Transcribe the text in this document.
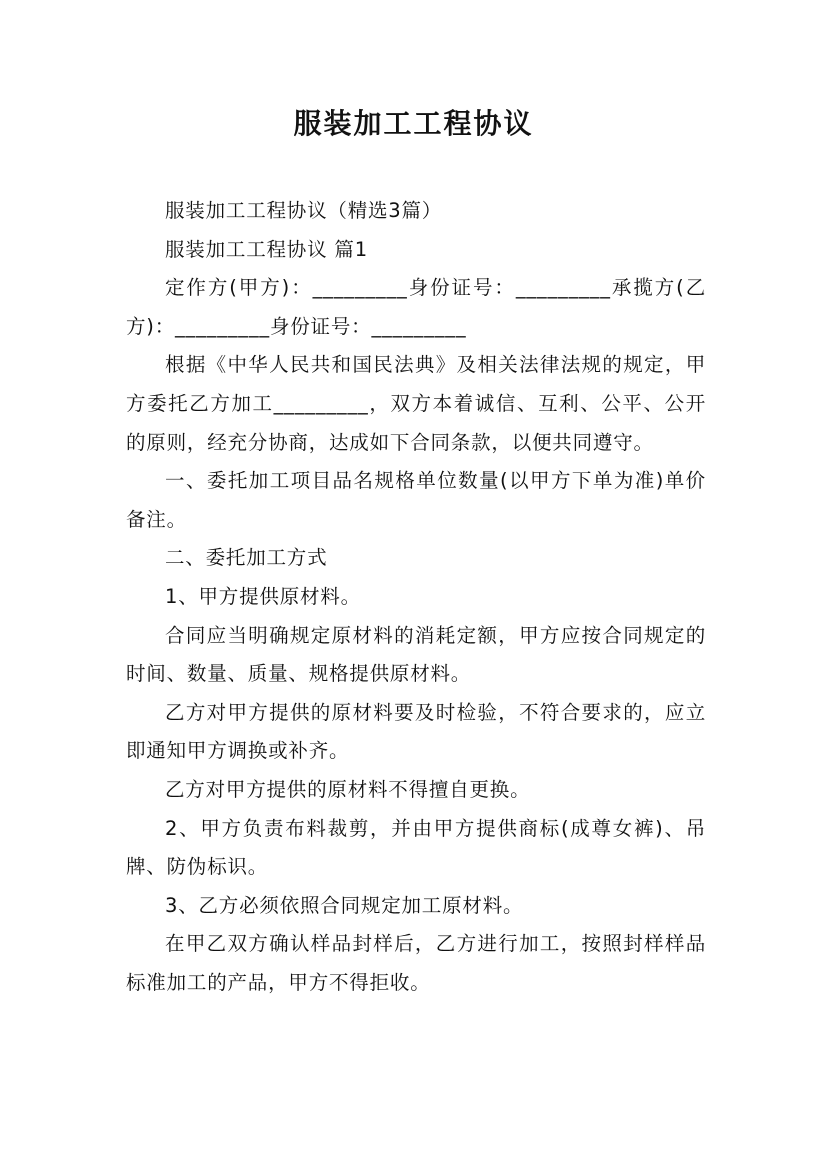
服装加工工程协议

服装加工工程协议（精选3篇）

服装加工工程协议 篇1

定作方(甲方)：_________身份证号：_________承揽方(乙方)：_________身份证号：_________

根据《中华人民共和国民法典》及相关法律法规的规定，甲方委托乙方加工_________，双方本着诚信、互利、公平、公开的原则，经充分协商，达成如下合同条款，以便共同遵守。

一、委托加工项目品名规格单位数量(以甲方下单为准)单价备注。

二、委托加工方式

1、甲方提供原材料。

合同应当明确规定原材料的消耗定额，甲方应按合同规定的时间、数量、质量、规格提供原材料。

乙方对甲方提供的原材料要及时检验，不符合要求的，应立即通知甲方调换或补齐。

乙方对甲方提供的原材料不得擅自更换。

2、甲方负责布料裁剪，并由甲方提供商标(成尊女裤)、吊牌、防伪标识。

3、乙方必须依照合同规定加工原材料。

在甲乙双方确认样品封样后，乙方进行加工，按照封样样品标准加工的产品，甲方不得拒收。
